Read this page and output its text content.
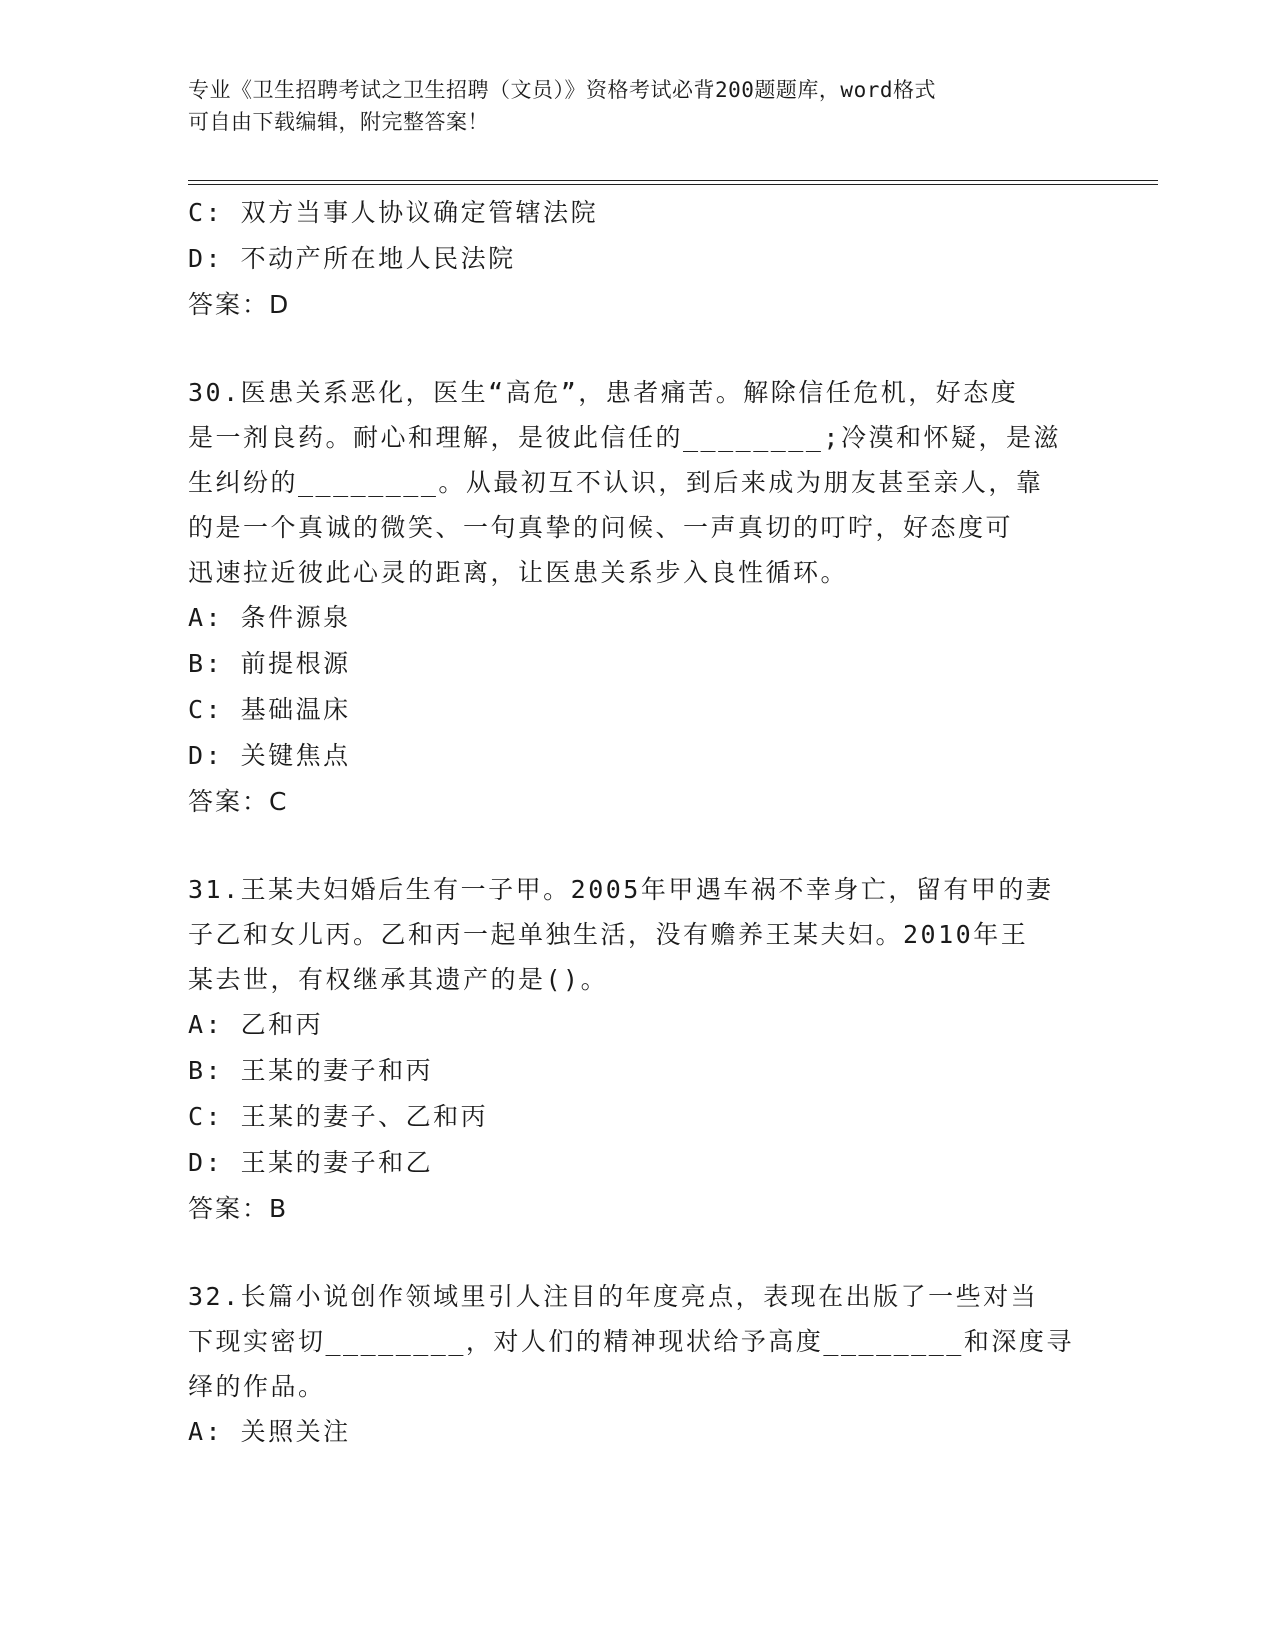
专业《卫生招聘考试之卫生招聘（文员）》资格考试必背200题题库，word格式
可自由下载编辑，附完整答案！
C: 双方当事人协议确定管辖法院
D: 不动产所在地人民法院
答案：D
30.医患关系恶化，医生“高危”，患者痛苦。解除信任危机，好态度
是一剂良药。耐心和理解，是彼此信任的________;冷漠和怀疑，是滋
生纠纷的________。从最初互不认识，到后来成为朋友甚至亲人，靠
的是一个真诚的微笑、一句真挚的问候、一声真切的叮咛，好态度可
迅速拉近彼此心灵的距离，让医患关系步入良性循环。
A: 条件源泉
B: 前提根源
C: 基础温床
D: 关键焦点
答案：C
31.王某夫妇婚后生有一子甲。2005年甲遇车祸不幸身亡，留有甲的妻
子乙和女儿丙。乙和丙一起单独生活，没有赡养王某夫妇。2010年王
某去世，有权继承其遗产的是()。
A: 乙和丙
B: 王某的妻子和丙
C: 王某的妻子、乙和丙
D: 王某的妻子和乙
答案：B
32.长篇小说创作领域里引人注目的年度亮点，表现在出版了一些对当
下现实密切________，对人们的精神现状给予高度________和深度寻
绎的作品。
A: 关照关注
